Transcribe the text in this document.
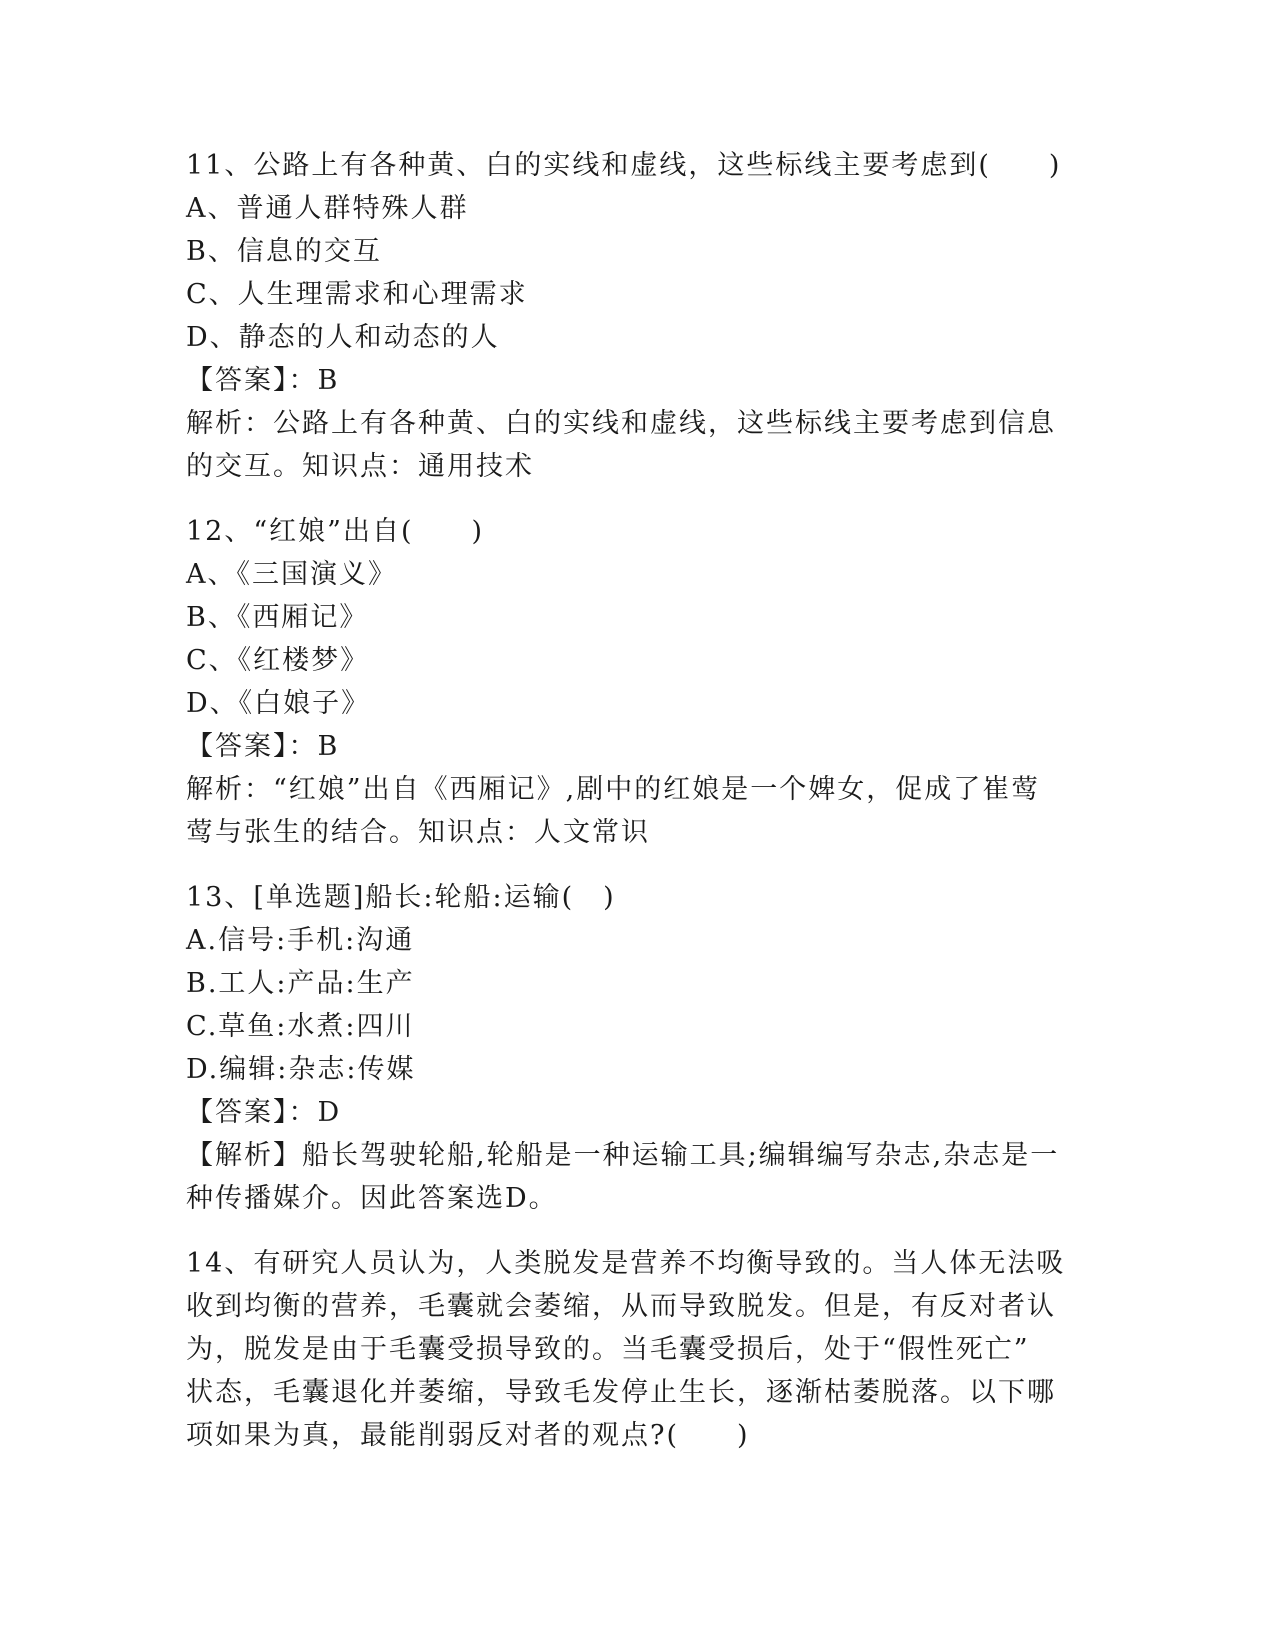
11、公路上有各种黄、白的实线和虚线，这些标线主要考虑到(　　)
A、普通人群特殊人群
B、信息的交互
C、人生理需求和心理需求
D、静态的人和动态的人
【答案】：B
解析：公路上有各种黄、白的实线和虚线，这些标线主要考虑到信息
的交互。知识点：通用技术
12、“红娘”出自(　　)
A、《三国演义》
B、《西厢记》
C、《红楼梦》
D、《白娘子》
【答案】：B
解析：“红娘”出自《西厢记》,剧中的红娘是一个婢女，促成了崔莺
莺与张生的结合。知识点：人文常识
13、[单选题]船长:轮船:运输(　)
A.信号:手机:沟通
B.工人:产品:生产
C.草鱼:水煮:四川
D.编辑:杂志:传媒
【答案】：D
【解析】船长驾驶轮船,轮船是一种运输工具;编辑编写杂志,杂志是一
种传播媒介。因此答案选D。
14、有研究人员认为，人类脱发是营养不均衡导致的。当人体无法吸
收到均衡的营养，毛囊就会萎缩，从而导致脱发。但是，有反对者认
为，脱发是由于毛囊受损导致的。当毛囊受损后，处于“假性死亡”
状态，毛囊退化并萎缩，导致毛发停止生长，逐渐枯萎脱落。以下哪
项如果为真，最能削弱反对者的观点?(　　)
